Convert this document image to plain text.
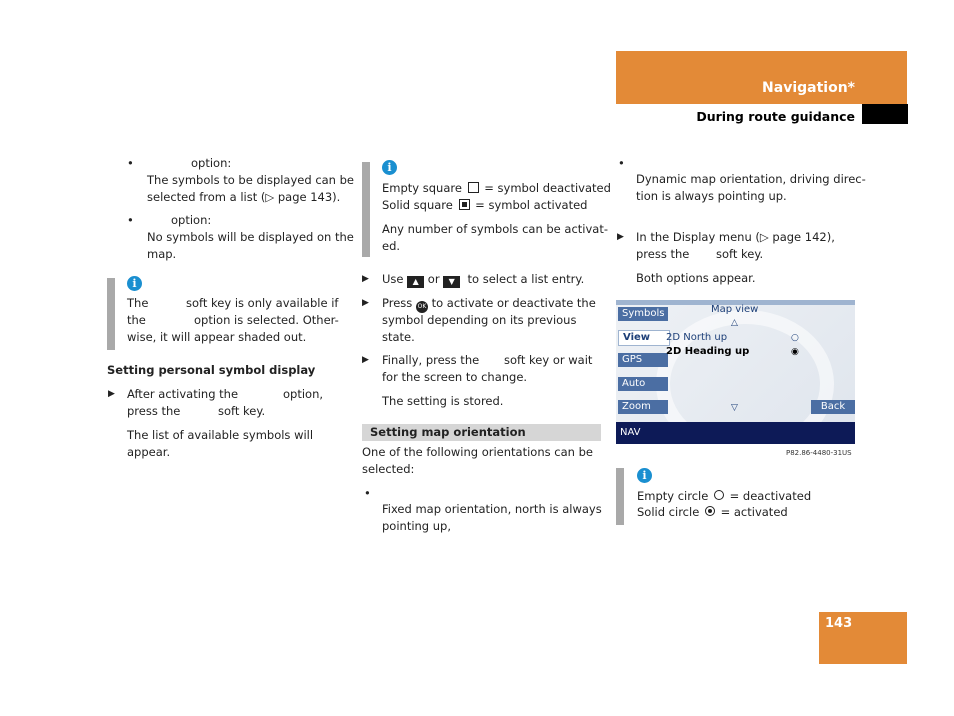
Navigation*
During route guidance
•	option:
The symbols to be displayed can be
selected from a list (▷ page 143).
•	option:
No symbols will be displayed on the
map.
i
The	soft key is only available if
the	option is selected. Other-
wise, it will appear shaded out.
Setting personal symbol display
▶ After activating the	option,
press the	soft key.
The list of available symbols will
appear.
i
Empty square = symbol deactivated
Solid square = symbol activated
Any number of symbols can be activat-
ed.
▶ Use ▲ or ▼ to select a list entry.
▶ Press OK to activate or deactivate the
symbol depending on its previous
state.
▶ Finally, press the soft key or wait
for the screen to change.
The setting is stored.
Setting map orientation
One of the following orientations can be
selected:
•
Fixed map orientation, north is always
pointing up,
•
Dynamic map orientation, driving direc-
tion is always pointing up.
▶ In the Display menu (▷ page 142),
press the soft key.
Both options appear.
Symbols
View
GPS
Auto
Zoom
Map view
△
2D North up
2D Heading up
○
◉
▽	Back
NAV
P82.86-4480-31US
i
Empty circle = deactivated
Solid circle = activated
143
